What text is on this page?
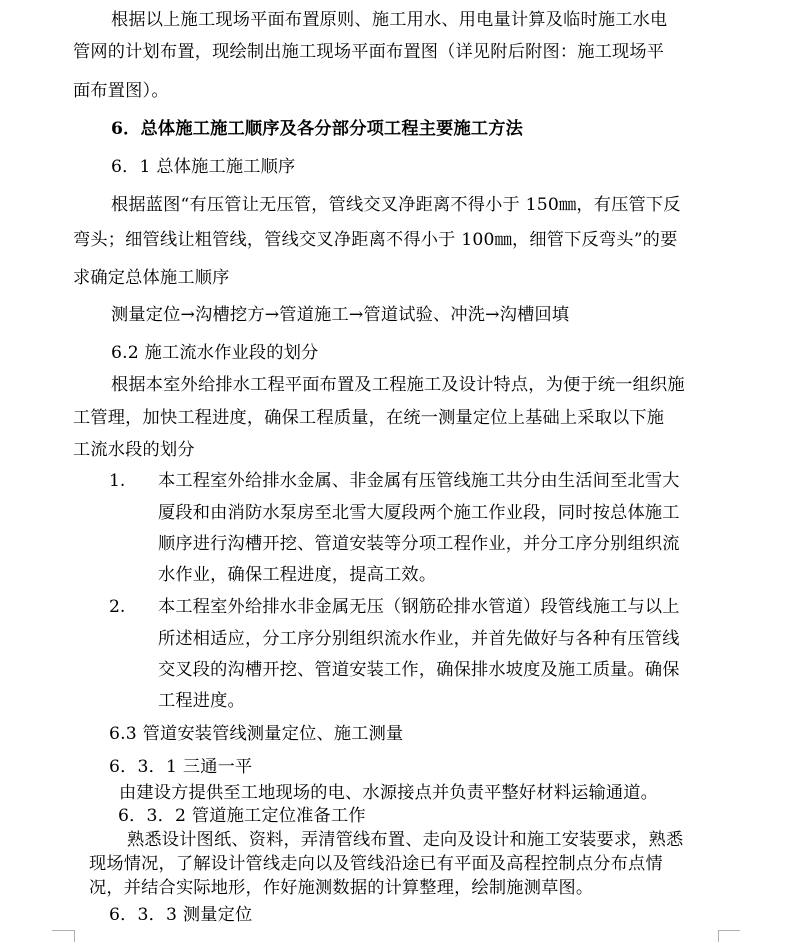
根据以上施工现场平面布置原则、施工用水、用电量计算及临时施工水电
管网的计划布置，现绘制出施工现场平面布置图（详见附后附图：施工现场平
面布置图）。
6．总体施工施工顺序及各分部分项工程主要施工方法
6．1 总体施工施工顺序
根据蓝图“有压管让无压管，管线交叉净距离不得小于 150㎜，有压管下反
弯头；细管线让粗管线，管线交叉净距离不得小于 100㎜，细管下反弯头”的要
求确定总体施工顺序
测量定位→沟槽挖方→管道施工→管道试验、冲洗→沟槽回填
6.2 施工流水作业段的划分
根据本室外给排水工程平面布置及工程施工及设计特点，为便于统一组织施
工管理，加快工程进度，确保工程质量，在统一测量定位上基础上采取以下施
工流水段的划分
1. 本工程室外给排水金属、非金属有压管线施工共分由生活间至北雪大
厦段和由消防水泵房至北雪大厦段两个施工作业段，同时按总体施工
顺序进行沟槽开挖、管道安装等分项工程作业，并分工序分别组织流
水作业，确保工程进度，提高工效。
2. 本工程室外给排水非金属无压（钢筋砼排水管道）段管线施工与以上
所述相适应，分工序分别组织流水作业，并首先做好与各种有压管线
交叉段的沟槽开挖、管道安装工作，确保排水坡度及施工质量。确保
工程进度。
6.3 管道安装管线测量定位、施工测量
6．3．1 三通一平
由建设方提供至工地现场的电、水源接点并负责平整好材料运输通道。
6．3．2 管道施工定位准备工作
熟悉设计图纸、资料，弄清管线布置、走向及设计和施工安装要求，熟悉
现场情况，了解设计管线走向以及管线沿途已有平面及高程控制点分布点情
况，并结合实际地形，作好施测数据的计算整理，绘制施测草图。
6．3．3 测量定位
